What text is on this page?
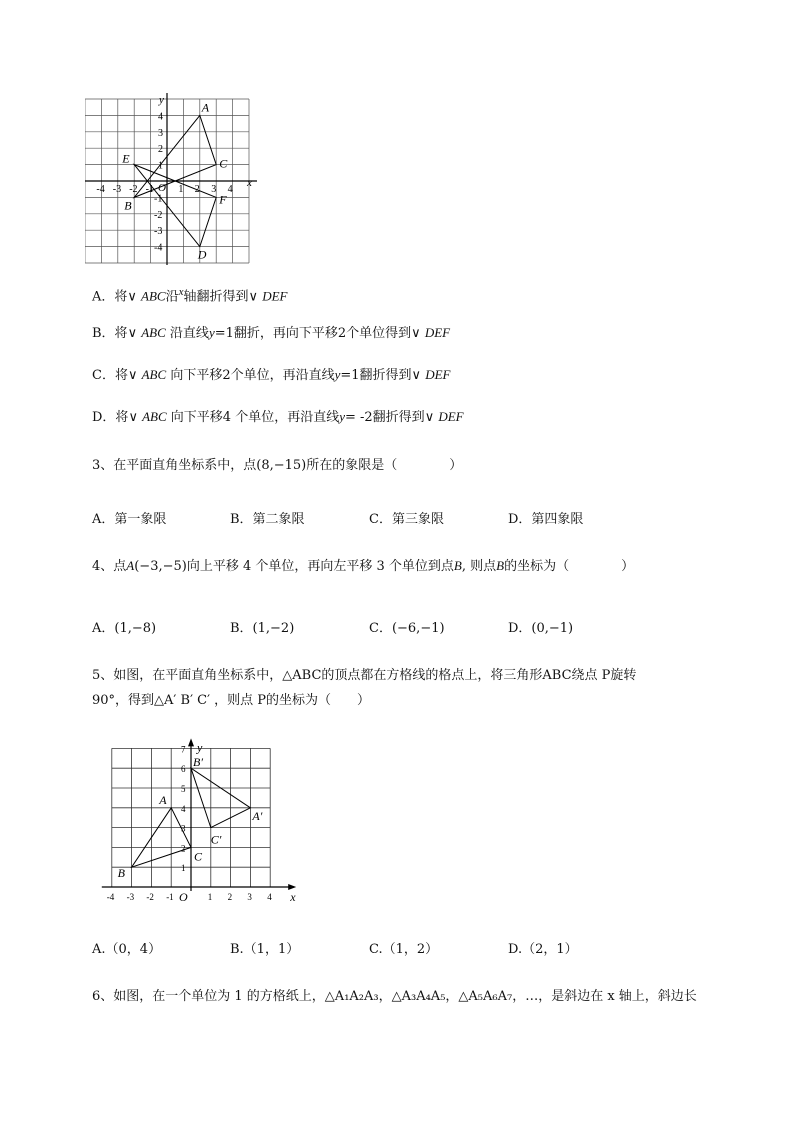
x
y
O
-4 -3 -2 -1 1 2 3 4
4
3
2
1
-1
-2
-3
-4
A
B
C
D
E
F
A．将∨ ABC沿$^x$轴翻折得到∨ DEF
B．将∨ ABC 沿直线y=1翻折，再向下平移2个单位得到∨ DEF
C．将∨ ABC 向下平移2个单位，再沿直线y=1翻折得到∨ DEF
D．将∨ ABC 向下平移4 个单位，再沿直线y= -2翻折得到∨ DEF
3、在平面直角坐标系中，点(8,−15)所在的象限是（　　　　）
A．第一象限	B．第二象限	C．第三象限	D．第四象限
4、点A(−3,−5)向上平移 4 个单位，再向左平移 3 个单位到点B, 则点B的坐标为（　　　　）
A．(1,−8)	B．(1,−2)	C．(−6,−1)	D．(0,−1)
5、如图，在平面直角坐标系中，△ABC的顶点都在方格线的格点上，将三角形ABC绕点 P旋转
90°，得到△A′ B′ C′ ，则点 P的坐标为（　　）
x
y
O
-4 -3 -2 -1	1 2 3 4
1
2
3
4
5
6
7
A
B
C
A′
B′
C′
A.（0，4）	B.（1，1）	C.（1，2）	D.（2，1）
6、如图，在一个单位为 1 的方格纸上，△A₁A₂A₃，△A₃A₄A₅，△A₅A₆A₇，…，是斜边在 x 轴上，斜边长
